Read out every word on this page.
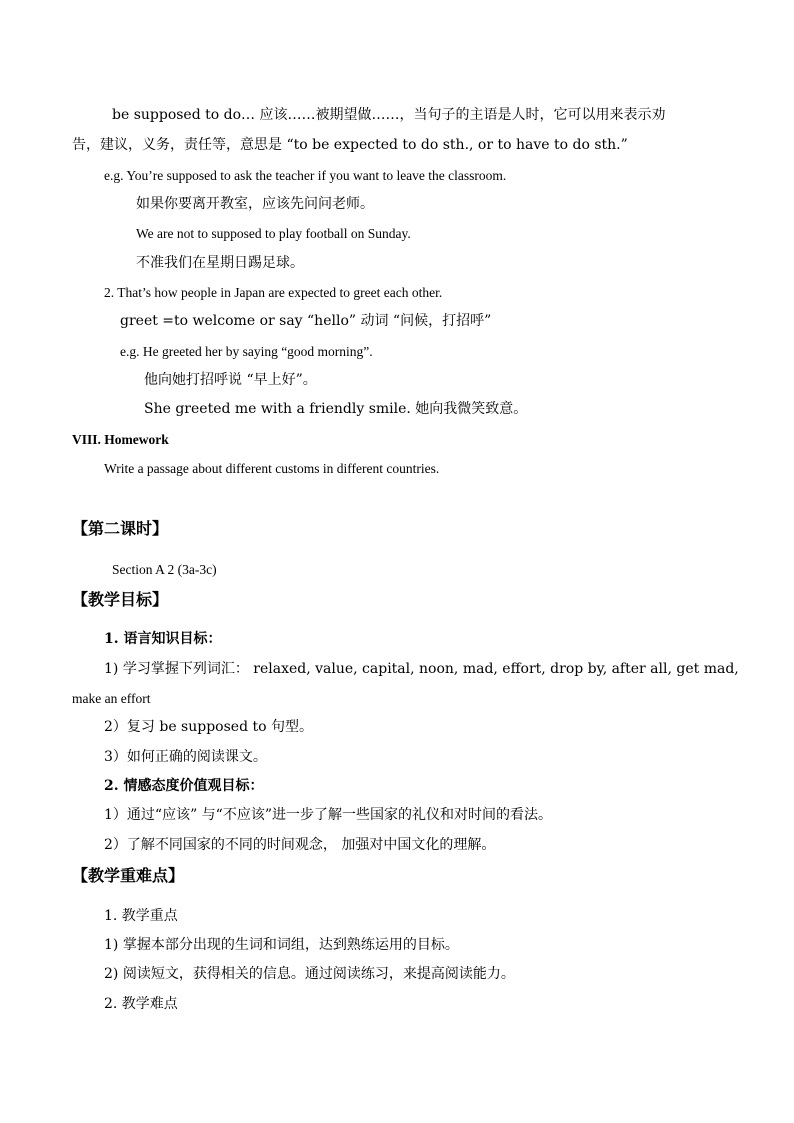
be supposed to do… 应该……被期望做……，当句子的主语是人时，它可以用来表示劝
告，建议，义务，责任等，意思是 “to be expected to do sth., or to have to do sth.”
e.g. You’re supposed to ask the teacher if you want to leave the classroom.
如果你要离开教室，应该先问问老师。
We are not to supposed to play football on Sunday.
不准我们在星期日踢足球。
2. That’s how people in Japan are expected to greet each other.
greet =to welcome or say “hello” 动词 “问候，打招呼”
e.g. He greeted her by saying “good morning”.
他向她打招呼说 “早上好”。
She greeted me with a friendly smile. 她向我微笑致意。
VIII. Homework
Write a passage about different customs in different countries.
【第二课时】
Section A 2 (3a-3c)
【教学目标】
1. 语言知识目标：
1) 学习掌握下列词汇： relaxed, value, capital, noon, mad, effort, drop by, after all, get mad,
make an effort
2）复习 be supposed to 句型。
3）如何正确的阅读课文。
2. 情感态度价值观目标：
1）通过“应该” 与“不应该”进一步了解一些国家的礼仪和对时间的看法。
2）了解不同国家的不同的时间观念， 加强对中国文化的理解。
【教学重难点】
1. 教学重点
1) 掌握本部分出现的生词和词组，达到熟练运用的目标。
2) 阅读短文，获得相关的信息。通过阅读练习，来提高阅读能力。
2. 教学难点
